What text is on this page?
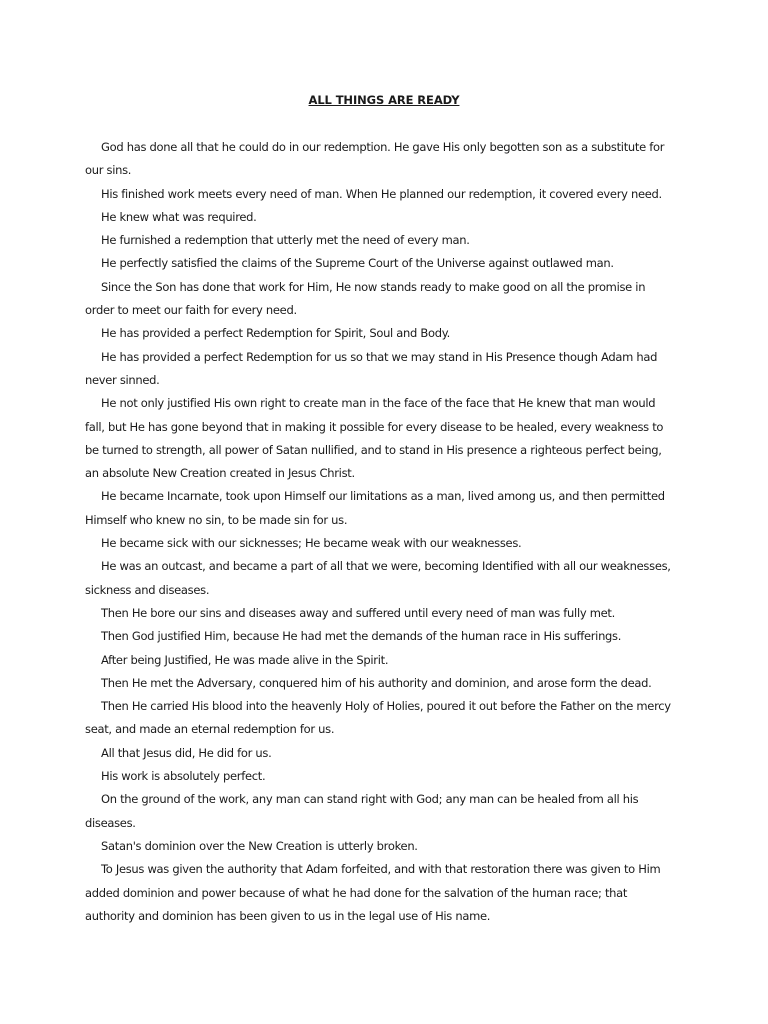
ALL THINGS ARE READY

God has done all that he could do in our redemption. He gave His only begotten son as a substitute for our sins.

His finished work meets every need of man. When He planned our redemption, it covered every need.

He knew what was required.

He furnished a redemption that utterly met the need of every man.

He perfectly satisfied the claims of the Supreme Court of the Universe against outlawed man.

Since the Son has done that work for Him, He now stands ready to make good on all the promise in order to meet our faith for every need.

He has provided a perfect Redemption for Spirit, Soul and Body.

He has provided a perfect Redemption for us so that we may stand in His Presence though Adam had never sinned.

He not only justified His own right to create man in the face of the face that He knew that man would fall, but He has gone beyond that in making it possible for every disease to be healed, every weakness to be turned to strength, all power of Satan nullified, and to stand in His presence a righteous perfect being, an absolute New Creation created in Jesus Christ.

He became Incarnate, took upon Himself our limitations as a man, lived among us, and then permitted Himself who knew no sin, to be made sin for us.

He became sick with our sicknesses; He became weak with our weaknesses.

He was an outcast, and became a part of all that we were, becoming Identified with all our weaknesses, sickness and diseases.

Then He bore our sins and diseases away and suffered until every need of man was fully met.

Then God justified Him, because He had met the demands of the human race in His sufferings.

After being Justified, He was made alive in the Spirit.

Then He met the Adversary, conquered him of his authority and dominion, and arose form the dead.

Then He carried His blood into the heavenly Holy of Holies, poured it out before the Father on the mercy seat, and made an eternal redemption for us.

All that Jesus did, He did for us.

His work is absolutely perfect.

On the ground of the work, any man can stand right with God; any man can be healed from all his diseases.

Satan's dominion over the New Creation is utterly broken.

To Jesus was given the authority that Adam forfeited, and with that restoration there was given to Him added dominion and power because of what he had done for the salvation of the human race; that authority and dominion has been given to us in the legal use of His name.
